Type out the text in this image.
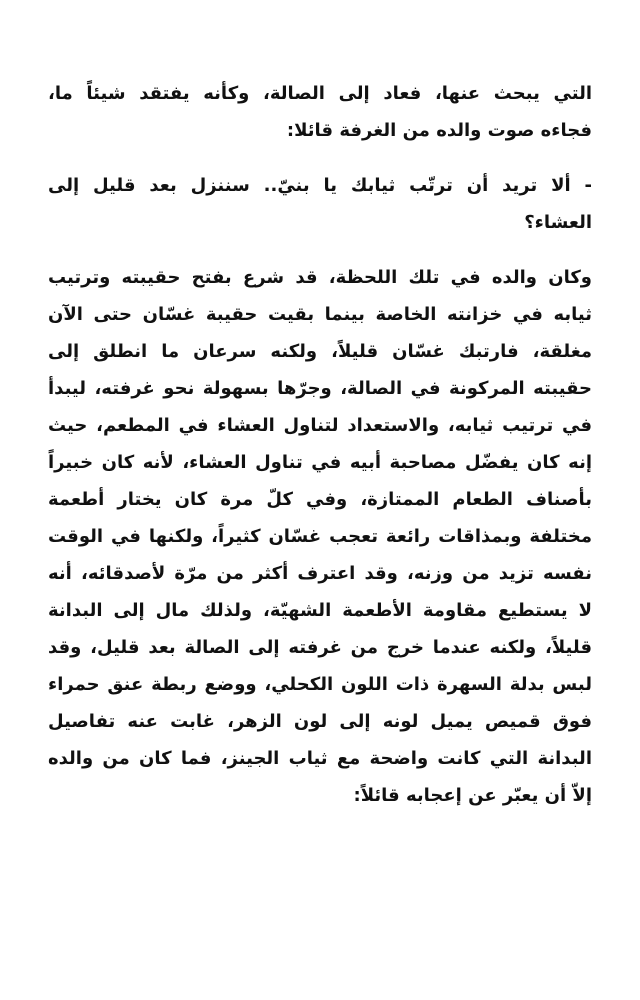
التي يبحث عنها، فعاد إلى الصالة، وكأنه يفتقد شيئاً ما،
فجاءه صوت والده من الغرفة قائلا:
- ألا تريد أن ترتّب ثيابك يا بنيّ.. سننزل بعد قليل إلى
العشاء؟
وكان والده في تلك اللحظة، قد شرع بفتح حقيبته وترتيب
ثيابه في خزانته الخاصة بينما بقيت حقيبة غسّان حتى الآن
مغلقة، فارتبك غسّان قليلاً، ولكنه سرعان ما انطلق إلى
حقيبته المركونة في الصالة، وجرّها بسهولة نحو غرفته، ليبدأ
في ترتيب ثيابه، والاستعداد لتناول العشاء في المطعم، حيث
إنه كان يفضّل مصاحبة أبيه في تناول العشاء، لأنه كان خبيراً
بأصناف الطعام الممتازة، وفي كلّ مرة كان يختار أطعمة
مختلفة وبمذاقات رائعة تعجب غسّان كثيراً، ولكنها في الوقت
نفسه تزيد من وزنه، وقد اعترف أكثر من مرّة لأصدقائه، أنه
لا يستطيع مقاومة الأطعمة الشهيّة، ولذلك مال إلى البدانة
قليلاً، ولكنه عندما خرج من غرفته إلى الصالة بعد قليل، وقد
لبس بدلة السهرة ذات اللون الكحلي، ووضع ربطة عنق حمراء
فوق قميص يميل لونه إلى لون الزهر، غابت عنه تفاصيل
البدانة التي كانت واضحة مع ثياب الجينز، فما كان من والده
إلاّ أن يعبّر عن إعجابه قائلاً:
